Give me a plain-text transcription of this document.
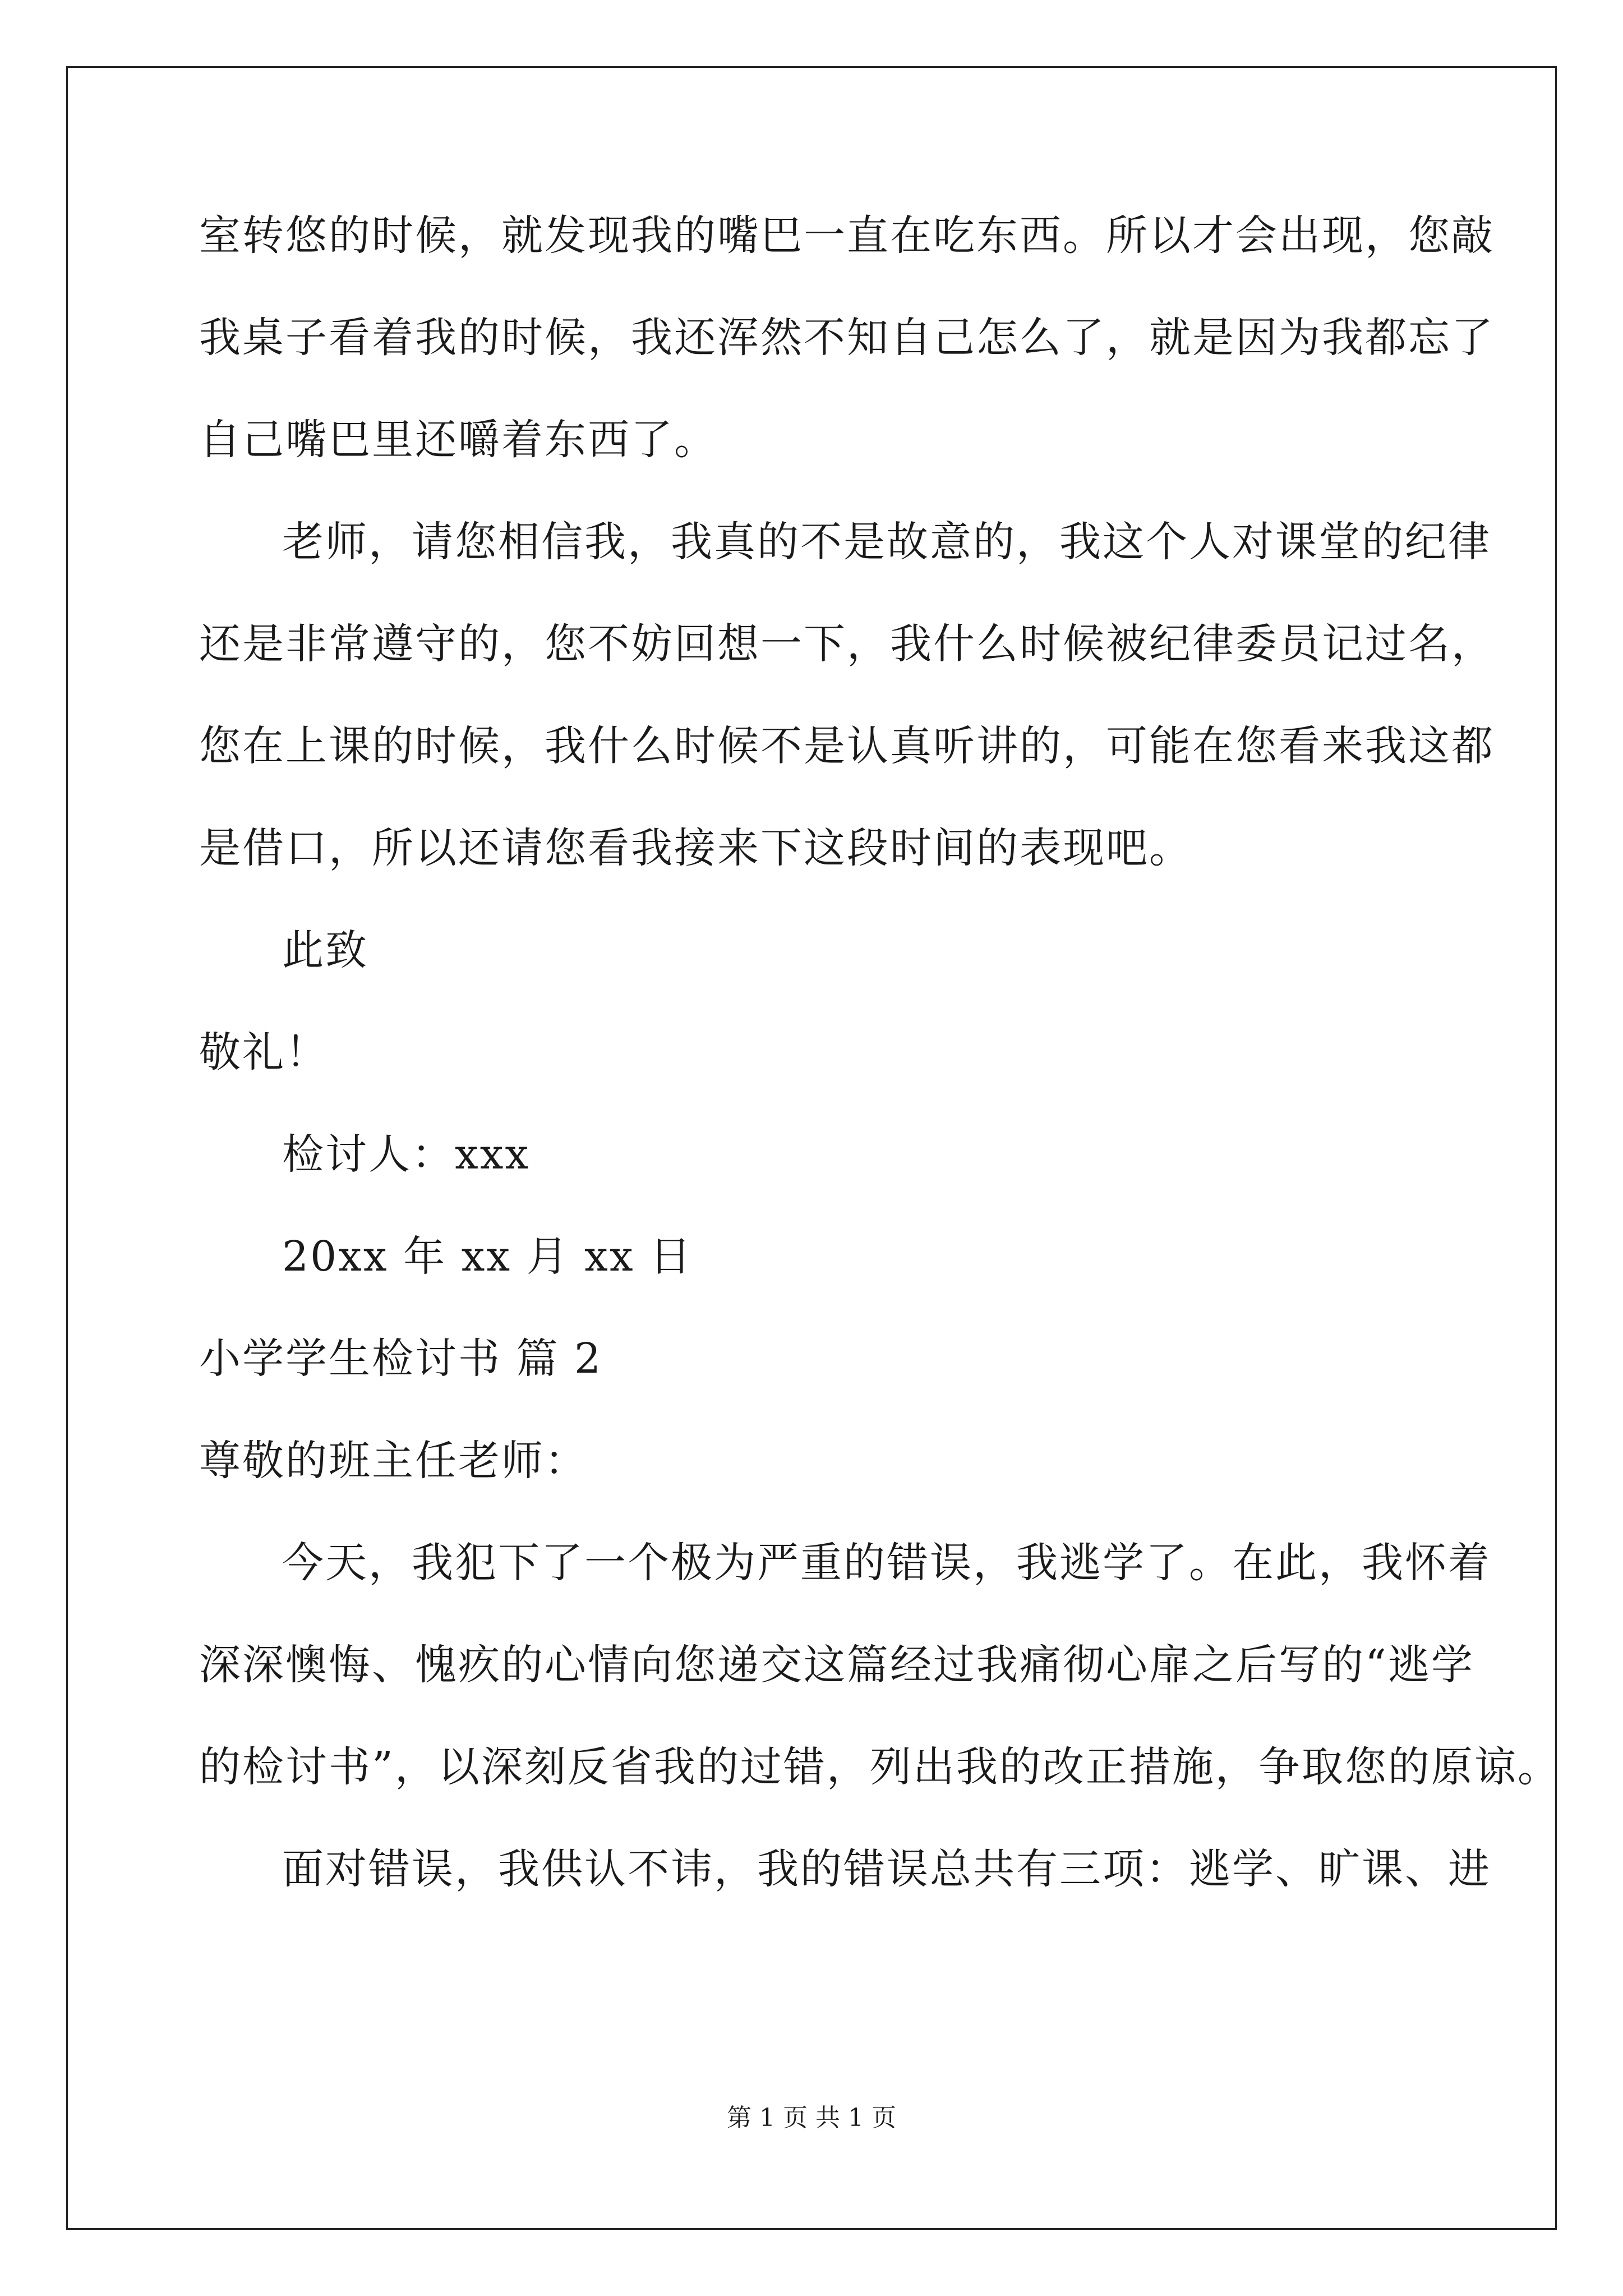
室转悠的时候，就发现我的嘴巴一直在吃东西。所以才会出现，您敲
我桌子看着我的时候，我还浑然不知自己怎么了，就是因为我都忘了
自己嘴巴里还嚼着东西了。
老师，请您相信我，我真的不是故意的，我这个人对课堂的纪律
还是非常遵守的，您不妨回想一下，我什么时候被纪律委员记过名，
您在上课的时候，我什么时候不是认真听讲的，可能在您看来我这都
是借口，所以还请您看我接来下这段时间的表现吧。
此致
敬礼！
检讨人：xxx
20xx 年 xx 月 xx 日
小学学生检讨书 篇 2
尊敬的班主任老师：
今天，我犯下了一个极为严重的错误，我逃学了。在此，我怀着
深深懊悔、愧疚的心情向您递交这篇经过我痛彻心扉之后写的“逃学
的检讨书”，以深刻反省我的过错，列出我的改正措施，争取您的原谅。
面对错误，我供认不讳，我的错误总共有三项：逃学、旷课、进
第 1 页 共 1 页
